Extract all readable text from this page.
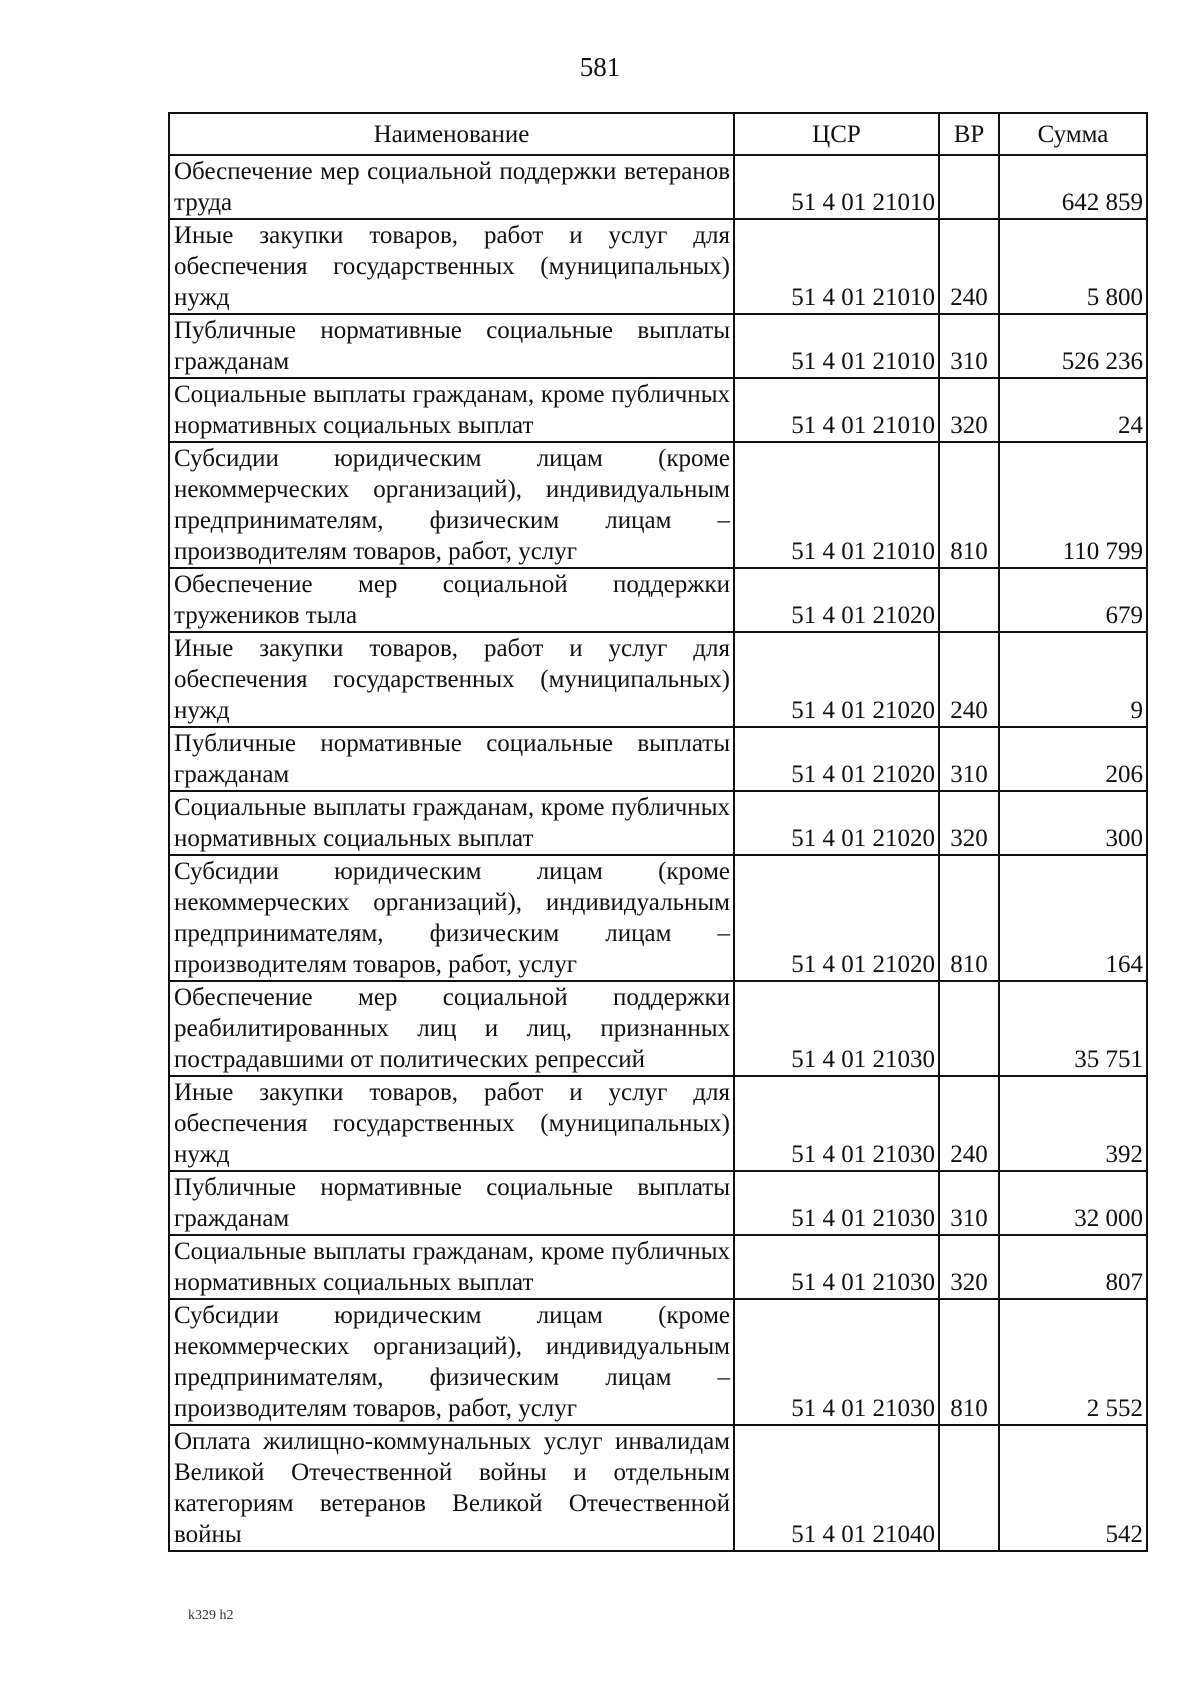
581
Наименование	ЦСР	ВР	Сумма
Обеспечение мер социальной поддержки ветеранов труда	51 4 01 21010		642 859
Иные закупки товаров, работ и услуг для обеспечения государственных (муниципальных) нужд	51 4 01 21010	240	5 800
Публичные нормативные социальные выплаты гражданам	51 4 01 21010	310	526 236
Социальные выплаты гражданам, кроме публичных нормативных социальных выплат	51 4 01 21010	320	24
Субсидии юридическим лицам (кроме некоммерческих организаций), индивидуальным предпринимателям, физическим лицам – производителям товаров, работ, услуг	51 4 01 21010	810	110 799
Обеспечение мер социальной поддержки тружеников тыла	51 4 01 21020		679
Иные закупки товаров, работ и услуг для обеспечения государственных (муниципальных) нужд	51 4 01 21020	240	9
Публичные нормативные социальные выплаты гражданам	51 4 01 21020	310	206
Социальные выплаты гражданам, кроме публичных нормативных социальных выплат	51 4 01 21020	320	300
Субсидии юридическим лицам (кроме некоммерческих организаций), индивидуальным предпринимателям, физическим лицам – производителям товаров, работ, услуг	51 4 01 21020	810	164
Обеспечение мер социальной поддержки реабилитированных лиц и лиц, признанных пострадавшими от политических репрессий	51 4 01 21030		35 751
Иные закупки товаров, работ и услуг для обеспечения государственных (муниципальных) нужд	51 4 01 21030	240	392
Публичные нормативные социальные выплаты гражданам	51 4 01 21030	310	32 000
Социальные выплаты гражданам, кроме публичных нормативных социальных выплат	51 4 01 21030	320	807
Субсидии юридическим лицам (кроме некоммерческих организаций), индивидуальным предпринимателям, физическим лицам – производителям товаров, работ, услуг	51 4 01 21030	810	2 552
Оплата жилищно-коммунальных услуг инвалидам Великой Отечественной войны и отдельным категориям ветеранов Великой Отечественной войны	51 4 01 21040		542
k329 h2
